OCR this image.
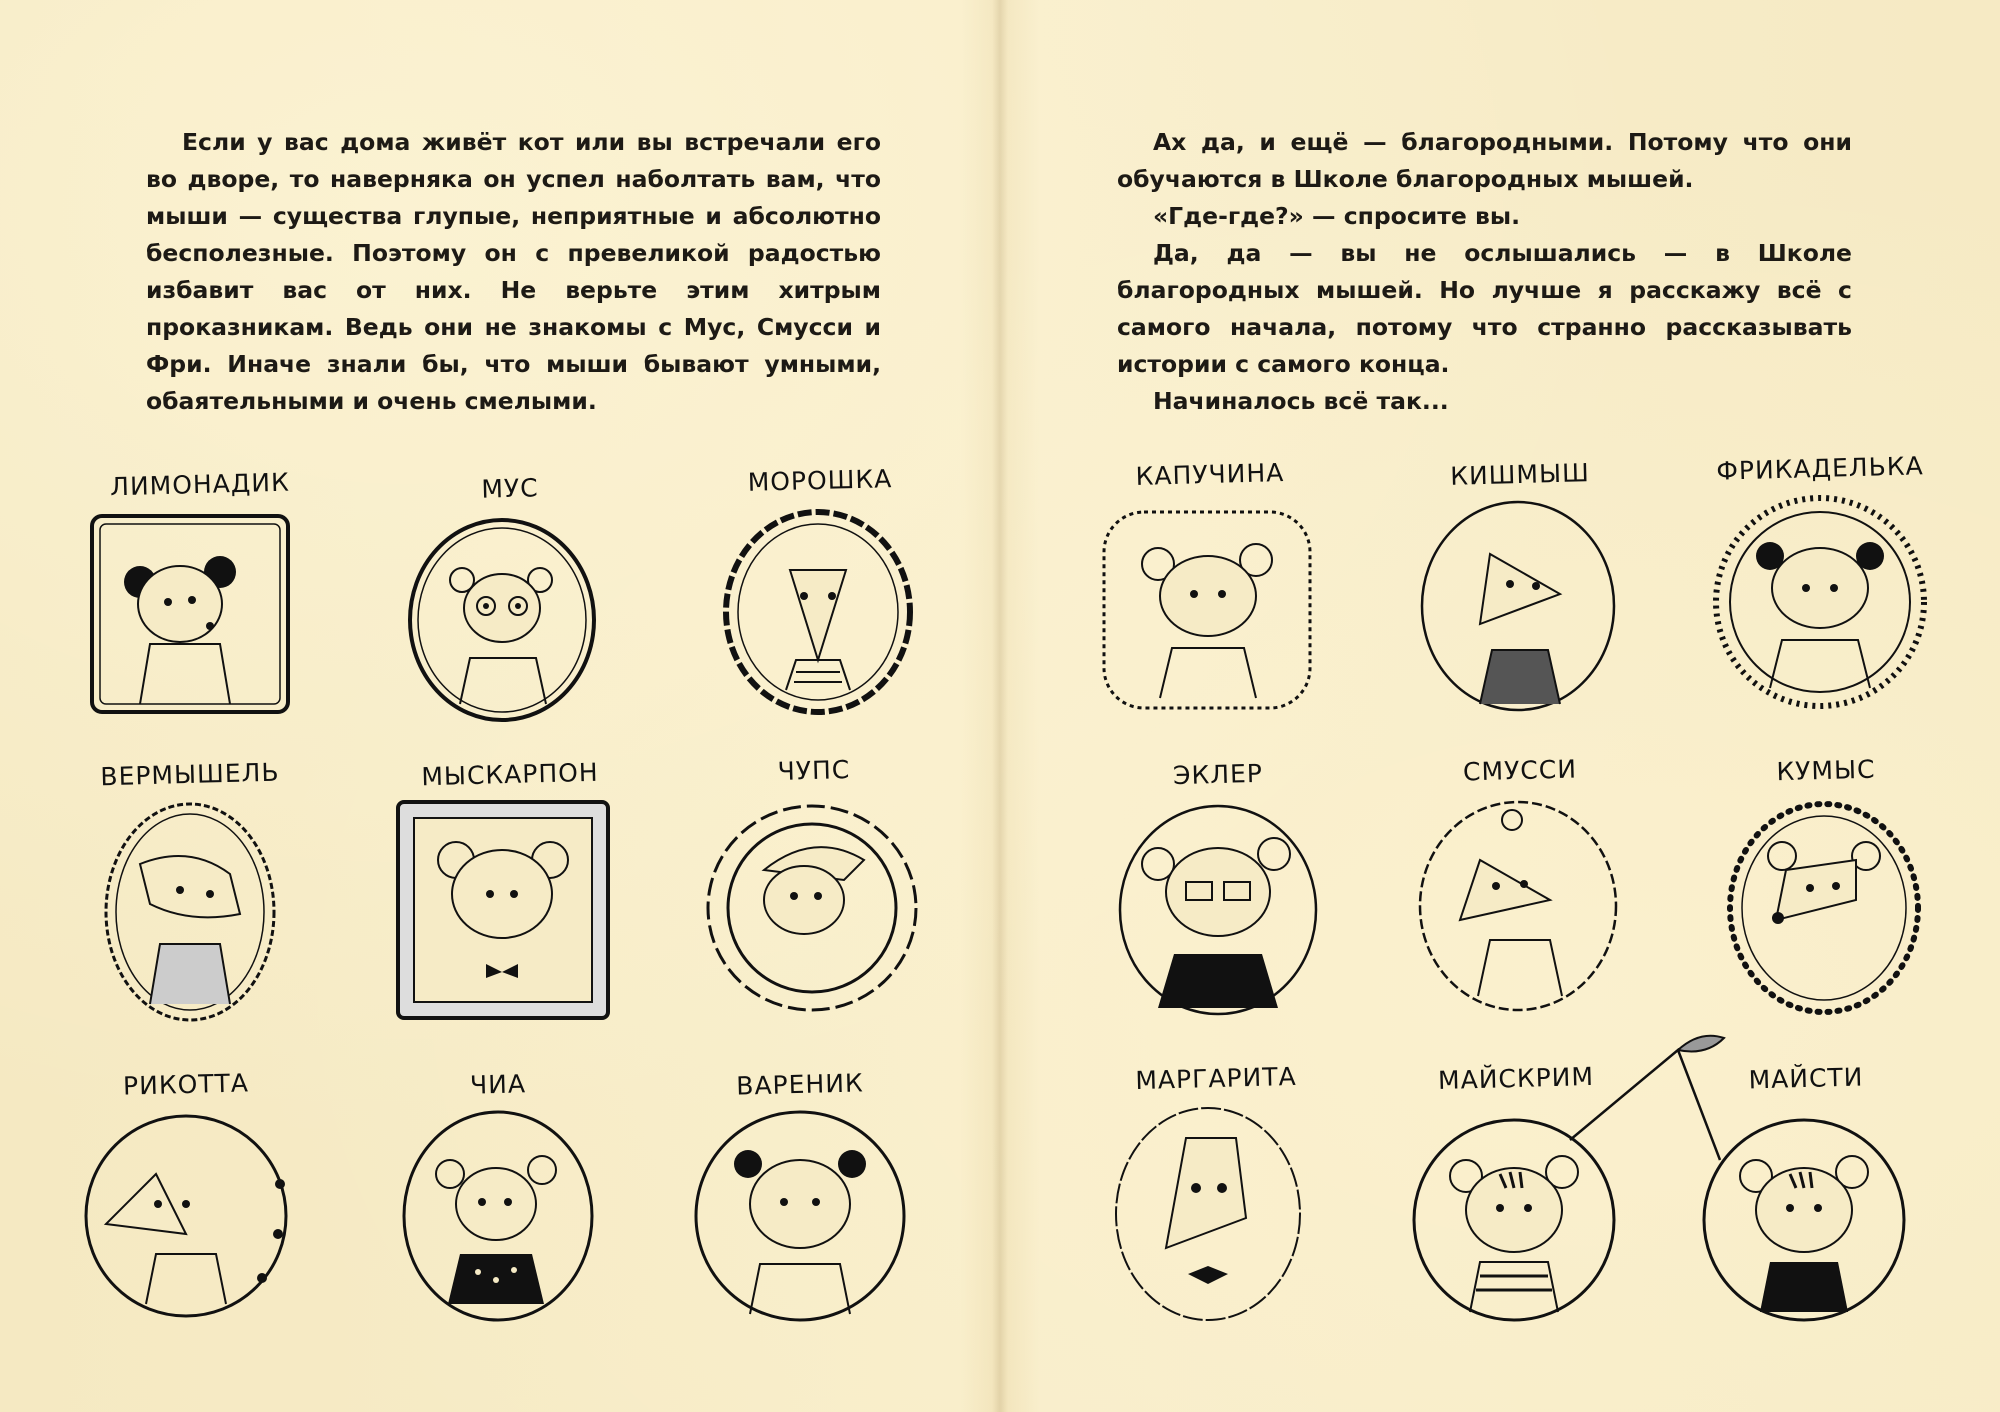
Если у вас дома живёт кот или вы встречали его во дворе, то наверняка он успел наболтать вам, что мыши — существа глупые, неприятные и абсолютно бесполезные. Поэтому он с превеликой радостью избавит вас от них. Не верьте этим хитрым проказникам. Ведь они не знакомы с Мус, Смусси и Фри. Иначе знали бы, что мыши бывают умными, обаятельными и очень смелыми.

Ах да, и ещё — благородными. Потому что они обучаются в Школе благородных мышей.

«Где-где?» — спросите вы.

Да, да — вы не ослышались — в Школе благородных мышей. Но лучше я расскажу всё с самого начала, потому что странно рассказывать истории с самого конца.

Начиналось всё так...

ЛИМОНАДИК	МУС	МОРОШКА
ВЕРМЫШЕЛЬ	МЫСКАРПОН	ЧУПС
РИКОТТА	ЧИА	ВАРЕНИК
КАПУЧИНА	КИШМЫШ	ФРИКАДЕЛЬКА
ЭКЛЕР	СМУССИ	КУМЫС
МАРГАРИТА	МАЙСКРИМ	МАЙСТИ
